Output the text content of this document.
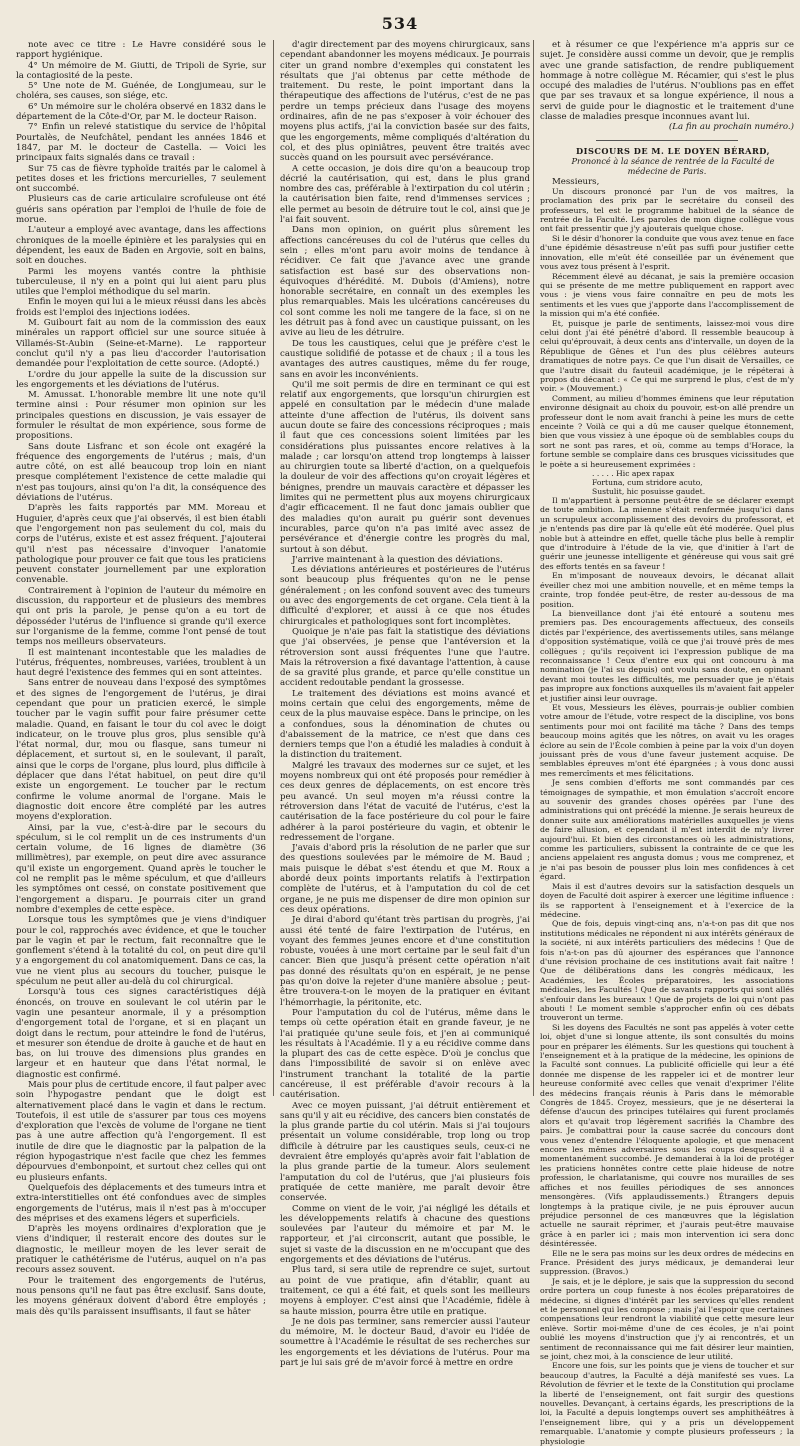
534

note avec ce titre : Le Havre considéré sous le rapport hygiénique.

4° Un mémoire de M. Giutti, de Tripoli de Syrie, sur la contagiosité de la peste.

5° Une note de M. Guénée, de Longjumeau, sur le choléra, ses causes, son siége, etc.

6° Un mémoire sur le choléra observé en 1832 dans le département de la Côte-d'Or, par M. le docteur Raison.

7° Enfin un relevé statistique du service de l'hôpital Pourtalès, de Neufchâtel, pendant les années 1846 et 1847, par M. le docteur de Castella. — Voici les principaux faits signalés dans ce travail :

Sur 75 cas de fièvre typhoïde traités par le calomel à petites doses et les frictions mercurielles, 7 seulement ont succombé.

Plusieurs cas de carie articulaire scrofuleuse ont été guéris sans opération par l'emploi de l'huile de foie de morue.

L'auteur a employé avec avantage, dans les affections chroniques de la moelle épinière et les paralysies qui en dépendent, les eaux de Baden en Argovie, soit en bains, soit en douches.

Parmi les moyens vantés contre la phthisie tuberculeuse, il n'y en a point qui lui aient paru plus utiles que l'emploi méthodique du sel marin.

Enfin le moyen qui lui a le mieux réussi dans les abcès froids est l'emploi des injections iodées.

M. Guibourt fait au nom de la commission des eaux minérales un rapport officiel sur une source située à Villamés-St-Aubin (Seine-et-Marne). Le rapporteur conclut qu'il n'y a pas lieu d'accorder l'autorisation demandée pour l'exploitation de cette source. (Adopté.)

L'ordre du jour appelle la suite de la discussion sur les engorgements et les déviations de l'utérus.

M. Amussat. L'honorable membre lit une note qu'il termine ainsi : Pour résumer mon opinion sur les principales questions en discussion, je vais essayer de formuler le résultat de mon expérience, sous forme de propositions.

Sans doute Lisfranc et son école ont exagéré la fréquence des engorgements de l'utérus ; mais, d'un autre côté, on est allé beaucoup trop loin en niant presque complétement l'existence de cette maladie qui n'est pas toujours, ainsi qu'on l'a dit, la conséquence des déviations de l'utérus.

D'après les faits rapportés par MM. Moreau et Huguier, d'après ceux que j'ai observés, il est bien établi que l'engorgement non pas seulement du col, mais du corps de l'utérus, existe et est assez fréquent. J'ajouterai qu'il n'est pas nécessaire d'invoquer l'anatomie pathologique pour prouver ce fait que tous les praticiens peuvent constater journellement par une exploration convenable.

Contrairement à l'opinion de l'auteur du mémoire en discussion, du rapporteur et de plusieurs des membres qui ont pris la parole, je pense qu'on a eu tort de déposséder l'utérus de l'influence si grande qu'il exerce sur l'organisme de la femme, comme l'ont pensé de tout temps nos meilleurs observateurs.

Il est maintenant incontestable que les maladies de l'utérus, fréquentes, nombreuses, variées, troublent à un haut degré l'existence des femmes qui en sont atteintes.

Sans entrer de nouveau dans l'exposé des symptômes et des signes de l'engorgement de l'utérus, je dirai cependant que pour un praticien exercé, le simple toucher par le vagin suffit pour faire présumer cette maladie. Quand, en faisant le tour du col avec le doigt indicateur, on le trouve plus gros, plus sensible qu'à l'état normal, dur, mou ou flasque, sans tumeur ni déplacement, et surtout si, en le soulevant, il paraît, ainsi que le corps de l'organe, plus lourd, plus difficile à déplacer que dans l'état habituel, on peut dire qu'il existe un engorgement. Le toucher par le rectum confirme le volume anormal de l'organe. Mais le diagnostic doit encore être complété par les autres moyens d'exploration.

Ainsi, par la vue, c'est-à-dire par le secours du spéculum, si le col remplit un de ces instruments d'un certain volume, de 16 lignes de diamètre (36 millimètres), par exemple, on peut dire avec assurance qu'il existe un engorgement. Quand après le toucher le col ne remplit pas le même spéculum, et que d'ailleurs les symptômes ont cessé, on constate positivement que l'engorgement a disparu. Je pourrais citer un grand nombre d'exemples de cette espèce.

Lorsque tous les symptômes que je viens d'indiquer pour le col, rapprochés avec évidence, et que le toucher par le vagin et par le rectum, fait reconnaître que le gonflement s'étend à la totalité du col, on peut dire qu'il y a engorgement du col anatomiquement. Dans ce cas, la vue ne vient plus au secours du toucher, puisque le spéculum ne peut aller au-delà du col chirurgical.

Lorsqu'à tous ces signes caractéristiques déjà énoncés, on trouve en soulevant le col utérin par le vagin une pesanteur anormale, il y a présomption d'engorgement total de l'organe, et si en plaçant un doigt dans le rectum, pour atteindre le fond de l'utérus, et mesurer son étendue de droite à gauche et de haut en bas, on lui trouve des dimensions plus grandes en largeur et en hauteur que dans l'état normal, le diagnostic est confirmé.

Mais pour plus de certitude encore, il faut palper avec soin l'hypogastre pendant que le doigt est alternativement placé dans le vagin et dans le rectum. Toutefois, il est utile de s'assurer par tous ces moyens d'exploration que l'excès de volume de l'organe ne tient pas à une autre affection qu'à l'engorgement. Il est inutile de dire que le diagnostic par la palpation de la région hypogastrique n'est facile que chez les femmes dépourvues d'embonpoint, et surtout chez celles qui ont eu plusieurs enfants.

Quelquefois des déplacements et des tumeurs intra et extra-interstitielles ont été confondues avec de simples engorgements de l'utérus, mais il n'est pas à m'occuper des méprises et des examens légers et superficiels.

D'après les moyens ordinaires d'exploration que je viens d'indiquer, il resterait encore des doutes sur le diagnostic, le meilleur moyen de les lever serait de pratiquer le cathétérisme de l'utérus, auquel on n'a pas recours assez souvent.

Pour le traitement des engorgements de l'utérus, nous pensons qu'il ne faut pas être exclusif. Sans doute, les moyens généraux doivent d'abord être employés ; mais dès qu'ils paraissent insuffisants, il faut se hâter

d'agir directement par des moyens chirurgicaux, sans cependant abandonner les moyens médicaux. Je pourrais citer un grand nombre d'exemples qui constatent les résultats que j'ai obtenus par cette méthode de traitement. Du reste, le point important dans la thérapeutique des affections de l'utérus, c'est de ne pas perdre un temps précieux dans l'usage des moyens ordinaires, afin de ne pas s'exposer à voir échouer des moyens plus actifs, j'ai la conviction basée sur des faits, que les engorgements, même compliqués d'altération du col, et des plus opiniâtres, peuvent être traités avec succès quand on les poursuit avec persévérance.

A cette occasion, je dois dire qu'on a beaucoup trop décrié la cautérisation, qui est, dans le plus grand nombre des cas, préférable à l'extirpation du col utérin ; la cautérisation bien faite, rend d'immenses services ; elle permet au besoin de détruire tout le col, ainsi que je l'ai fait souvent.

Dans mon opinion, on guérit plus sûrement les affections cancéreuses du col de l'utérus que celles du sein ; elles m'ont paru avoir moins de tendance à récidiver. Ce fait que j'avance avec une grande satisfaction est basé sur des observations non-équivoques d'hérédité. M. Dubois (d'Amiens), notre honorable secrétaire, en connaît un des exemples les plus remarquables. Mais les ulcérations cancéreuses du col sont comme les noli me tangere de la face, si on ne les détruit pas à fond avec un caustique puissant, on les avive au lieu de les détruire.

De tous les caustiques, celui que je préfère c'est le caustique solidifié de potasse et de chaux ; il a tous les avantages des autres caustiques, même du fer rouge, sans en avoir les inconvénients.

Qu'il me soit permis de dire en terminant ce qui est relatif aux engorgements, que lorsqu'un chirurgien est appelé en consultation par le médecin d'une malade atteinte d'une affection de l'utérus, ils doivent sans aucun doute se faire des concessions réciproques ; mais il faut que ces concessions soient limitées par les considérations plus puissantes encore relatives à la malade ; car lorsqu'on attend trop longtemps à laisser au chirurgien toute sa liberté d'action, on a quelquefois la douleur de voir des affections qu'on croyait légères et bénignes, prendre un mauvais caractère et dépasser les limites qui ne permettent plus aux moyens chirurgicaux d'agir efficacement. Il ne faut donc jamais oublier que des maladies qu'on aurait pu guérir sont devenues incurables, parce qu'on n'a pas imité avec assez de persévérance et d'énergie contre les progrès du mal, surtout à son début.

J'arrive maintenant à la question des déviations.

Les déviations antérieures et postérieures de l'utérus sont beaucoup plus fréquentes qu'on ne le pense généralement ; on les confond souvent avec des tumeurs ou avec des engorgements de cet organe. Cela tient à la difficulté d'explorer, et aussi à ce que nos études chirurgicales et pathologiques sont fort incomplètes.

Quoique je n'aie pas fait la statistique des déviations que j'ai observées, je pense que l'antéversion et la rétroversion sont aussi fréquentes l'une que l'autre. Mais la rétroversion a fixé davantage l'attention, à cause de sa gravité plus grande, et parce qu'elle constitue un accident redoutable pendant la grossesse.

Le traitement des déviations est moins avancé et moins certain que celui des engorgements, même de ceux de la plus mauvaise espèce. Dans le principe, on les a confondues, sous la dénomination de chutes ou d'abaissement de la matrice, ce n'est que dans ces derniers temps que l'on a étudié les maladies à conduit à la distinction du traitement.

Malgré les travaux des modernes sur ce sujet, et les moyens nombreux qui ont été proposés pour remédier à ces deux genres de déplacements, on est encore très peu avancé. Un seul moyen m'a réussi contre la rétroversion dans l'état de vacuité de l'utérus, c'est la cautérisation de la face postérieure du col pour le faire adhérer à la paroi postérieure du vagin, et obtenir le redressement de l'organe.

J'avais d'abord pris la résolution de ne parler que sur des questions soulevées par le mémoire de M. Baud ; mais puisque le débat s'est étendu et que M. Roux a abordé deux points importants relatifs à l'extirpation complète de l'utérus, et à l'amputation du col de cet organe, je ne puis me dispenser de dire mon opinion sur ces deux opérations.

Je dirai d'abord qu'étant très partisan du progrès, j'ai aussi été tenté de faire l'extirpation de l'utérus, en voyant des femmes jeunes encore et d'une constitution robuste, vouées à une mort certaine par le seul fait d'un cancer. Bien que jusqu'à présent cette opération n'ait pas donné des résultats qu'on en espérait, je ne pense pas qu'on doive la rejeter d'une manière absolue ; peut-être trouvera-t-on le moyen de la pratiquer en évitant l'hémorrhagie, la péritonite, etc.

Pour l'amputation du col de l'utérus, même dans le temps où cette opération était en grande faveur, je ne l'ai pratiquée qu'une seule fois, et j'en ai communiqué les résultats à l'Académie. Il y a eu récidive comme dans la plupart des cas de cette espèce. D'où je conclus que dans l'impossibilité de savoir si on enlève avec l'instrument tranchant la totalité de la partie cancéreuse, il est préférable d'avoir recours à la cautérisation.

Avec ce moyen puissant, j'ai détruit entièrement et sans qu'il y ait eu récidive, des cancers bien constatés de la plus grande partie du col utérin. Mais si j'ai toujours présentait un volume considérable, trop long ou trop difficile à détruire par les caustiques seuls, ceux-ci ne devraient être employés qu'après avoir fait l'ablation de la plus grande partie de la tumeur. Alors seulement l'amputation du col de l'utérus, que j'ai plusieurs fois pratiquée de cette manière, me paraît devoir être conservée.

Comme on vient de le voir, j'ai négligé les détails et les développements relatifs à chacune des questions soulevées par l'auteur du mémoire et par M. le rapporteur, et j'ai circonscrit, autant que possible, le sujet si vaste de la discussion en ne m'occupant que des engorgements et des déviations de l'utérus.

Plus tard, si sera utile de reprendre ce sujet, surtout au point de vue pratique, afin d'établir, quant au traitement, ce qui a été fait, et quels sont les meilleurs moyens à employer. C'est ainsi que l'Académie, fidèle à sa haute mission, pourra être utile en pratique.

Je ne dois pas terminer, sans remercier aussi l'auteur du mémoire, M. le docteur Baud, d'avoir eu l'idée de soumettre à l'Académie le résultat de ses recherches sur les engorgements et les déviations de l'utérus. Pour ma part je lui sais gré de m'avoir forcé à mettre en ordre

et à résumer ce que l'expérience m'a appris sur ce sujet. Je considère aussi comme un devoir, que je remplis avec une grande satisfaction, de rendre publiquement hommage à notre collègue M. Récamier, qui s'est le plus occupé des maladies de l'utérus. N'oublions pas en effet que par ses travaux et sa longue expérience, il nous a servi de guide pour le diagnostic et le traitement d'une classe de maladies presque inconnues avant lui.

(La fin au prochain numéro.)

DISCOURS DE M. LE DOYEN BÉRARD,

Prononcé à la séance de rentrée de la Faculté de médecine de Paris.

Messieurs,

Un discours prononcé par l'un de vos maîtres, la proclamation des prix par le secrétaire du conseil des professeurs, tel est le programme habituel de la séance de rentrée de la Faculté. Les paroles de mon digne collègue vous ont fait pressentir que j'y ajouterais quelque chose.

Si le désir d'honorer la conduite que vous avez tenue en face d'une épidémie désastreuse n'eût pas suffi pour justifier cette innovation, elle m'eût été conseillée par un événement que vous avez tous présent à l'esprit.

Récemment élevé au décanat, je sais la première occasion qui se présente de me mettre publiquement en rapport avec vous : je viens vous faire connaître en peu de mots les sentiments et les vues que j'apporte dans l'accomplissement de la mission qui m'a été confiée.

Et, puisque je parle de sentiments, laissez-moi vous dire celui dont j'ai été pénétré d'abord. Il ressemble beaucoup à celui qu'éprouvait, à deux cents ans d'intervalle, un doyen de la République de Gênes et l'un des plus célèbres auteurs dramatiques de notre pays. Ce que l'un disait de Versailles, ce que l'autre disait du fauteuil académique, je le répéterai à propos du décanat : « Ce qui me surprend le plus, c'est de m'y voir. » (Mouvement.)

Comment, au milieu d'hommes éminens que leur réputation environne désignait au choix du pouvoir, est-on allé prendre un professeur dont le nom avait franchi à peine les murs de cette enceinte ? Voilà ce qui a dû me causer quelque étonnement, bien que vous vissiez à une époque où de semblables coups du sort ne sont pas rares, et où, comme au temps d'Horace, la fortune semble se complaire dans ces brusques vicissitudes que le poète a si heureusement exprimées :

. . . . . Hic apex rapax

Fortuna, cum stridore acuto,

Sustulit, hic posuisse gaudet.

Il m'appartient à personne peut-être de se déclarer exempt de toute ambition. La mienne s'était renfermée jusqu'ici dans un scrupuleux accomplissement des devoirs du professorat, et je n'entends pas dire par là qu'elle eût été modérée. Quel plus noble but à atteindre en effet, quelle tâche plus belle à remplir que d'introduire à l'étude de la vie, que d'initier à l'art de guérir une jeunesse intelligente et généreuse qui vous sait gré des efforts tentés en sa faveur !

En m'imposant de nouveaux devoirs, le décanat allait éveiller chez moi une ambition nouvelle, et en même temps la crainte, trop fondée peut-être, de rester au-dessous de ma position.

La bienveillance dont j'ai été entouré a soutenu mes premiers pas. Des encouragements affectueux, des conseils dictés par l'expérience, des avertissements utiles, sans mélange d'opposition systématique, voilà ce que j'ai trouvé près de mes collègues ; qu'ils reçoivent ici l'expression publique de ma reconnaissance ! Ceux d'entre eux qui ont concouru à ma nomination (je l'ai su depuis) ont voulu sans doute, en opinant devant moi toutes les difficultés, me persuader que je n'étais pas impropre aux fonctions auxquelles ils m'avaient fait appeler et justifier ainsi leur ouvrage.

Et vous, Messieurs les élèves, pourrais-je oublier combien votre amour de l'étude, votre respect de la discipline, vos bons sentiments pour moi ont facilité ma tâche ? Dans des temps beaucoup moins agités que les nôtres, on avait vu les orages éclore au sein de l'École combien à peine par la voix d'un doyen jouissant près de vous d'une faveur justement acquise. De semblables épreuves m'ont été épargnées ; à vous donc aussi mes remercîments et mes félicitations.

Je sens combien d'efforts me sont commandés par ces témoignages de sympathie, et mon émulation s'accroît encore au souvenir des grandes choses opérées par l'une des administrations qui ont précédé la mienne. Je serais heureux de donner suite aux améliorations matérielles auxquelles je viens de faire allusion, et cependant il m'est interdit de m'y livrer aujourd'hui. Et bien des circonstances où les administrations, comme les particuliers, subissent la contrainte de ce que les anciens appelaient res angusta domus ; vous me comprenez, et je n'ai pas besoin de pousser plus loin mes confidences à cet égard.

Mais il est d'autres devoirs sur la satisfaction desquels un doyen de Faculté doit aspirer à exercer une légitime influence : ils se rapportent à l'enseignement et à l'exercice de la médecine.

Que de fois, depuis vingt-cinq ans, n'a-t-on pas dit que nos institutions médicales ne répondent ni aux intérêts généraux de la société, ni aux intérêts particuliers des médecins ! Que de fois n'a-t-on pas dû ajourner des espérances que l'annonce d'une révision prochaine de ces institutions avait fait naître ! Que de délibérations dans les congrès médicaux, les Académies, les Écoles préparatoires, les associations médicales, les Facultés ! Que de savants rapports qui sont allés s'enfouir dans les bureaux ! Que de projets de loi qui n'ont pas abouti ! Le moment semble s'approcher enfin où ces débats trouveront un terme.

Si les doyens des Facultés ne sont pas appelés à voter cette loi, objet d'une si longue attente, ils sont consultés du moins pour en préparer les éléments. Sur les questions qui touchent à l'enseignement et à la pratique de la médecine, les opinions de la Faculté sont connues. La publicité officielle qui leur a été donnée me dispense de les rappeler ici et de montrer leur heureuse conformité avec celles que venait d'exprimer l'élite des médecins français réunis à Paris dans le mémorable Congrès de 1845. Croyez, messieurs, que je ne déserterai la défense d'aucun des principes tutélaires qui furent proclamés alors et qu'avait trop légèrement sacrifiés la Chambre des pairs. Je combattrai pour la cause sacrée du concours dont vous venez d'entendre l'éloquente apologie, et que menacent encore les mêmes adversaires sous les coups desquels il a momentanément succombé. Je demanderai à la loi de protéger les praticiens honnêtes contre cette plaie hideuse de notre profession, le charlatanisme, qui couvre nos murailles de ses affiches et nos feuilles périodiques de ses annonces mensongères. (Vifs applaudissements.) Étrangers depuis longtemps à la pratique civile, je ne puis éprouver aucun préjudice personnel de ces manœuvres que la législation actuelle ne saurait réprimer, et j'aurais peut-être mauvaise grâce à en parler ici ; mais mon intervention ici sera donc désintéressée.

Elle ne le sera pas moins sur les deux ordres de médecins en France. Président des jurys médicaux, je demanderai leur suppression. (Bravos.)

Je sais, et je le déplore, je sais que la suppression du second ordre portera un coup funeste à nos écoles préparatoires de médecine, si dignes d'intérêt par les services qu'elles rendent et le personnel qui les compose ; mais j'ai l'espoir que certaines compensations leur rendront la viabilité que cette mesure leur enlève. Sortir moi-même d'une de ces écoles, je n'ai point oublié les moyens d'instruction que j'y ai rencontrés, et un sentiment de reconnaissance qui me fait désirer leur maintien, se joint, chez moi, à la conscience de leur utilité.

Encore une fois, sur les points que je viens de toucher et sur beaucoup d'autres, la Faculté a déjà manifesté ses vues. La Révolution de février et le texte de la Constitution qui proclame la liberté de l'enseignement, ont fait surgir des questions nouvelles. Devançant, à certains égards, les prescriptions de la loi, la Faculté a depuis longtemps ouvert ses amphithéâtres à l'enseignement libre, qui y a pris un développement remarquable. L'anatomie y compte plusieurs professeurs ; la physiologie
